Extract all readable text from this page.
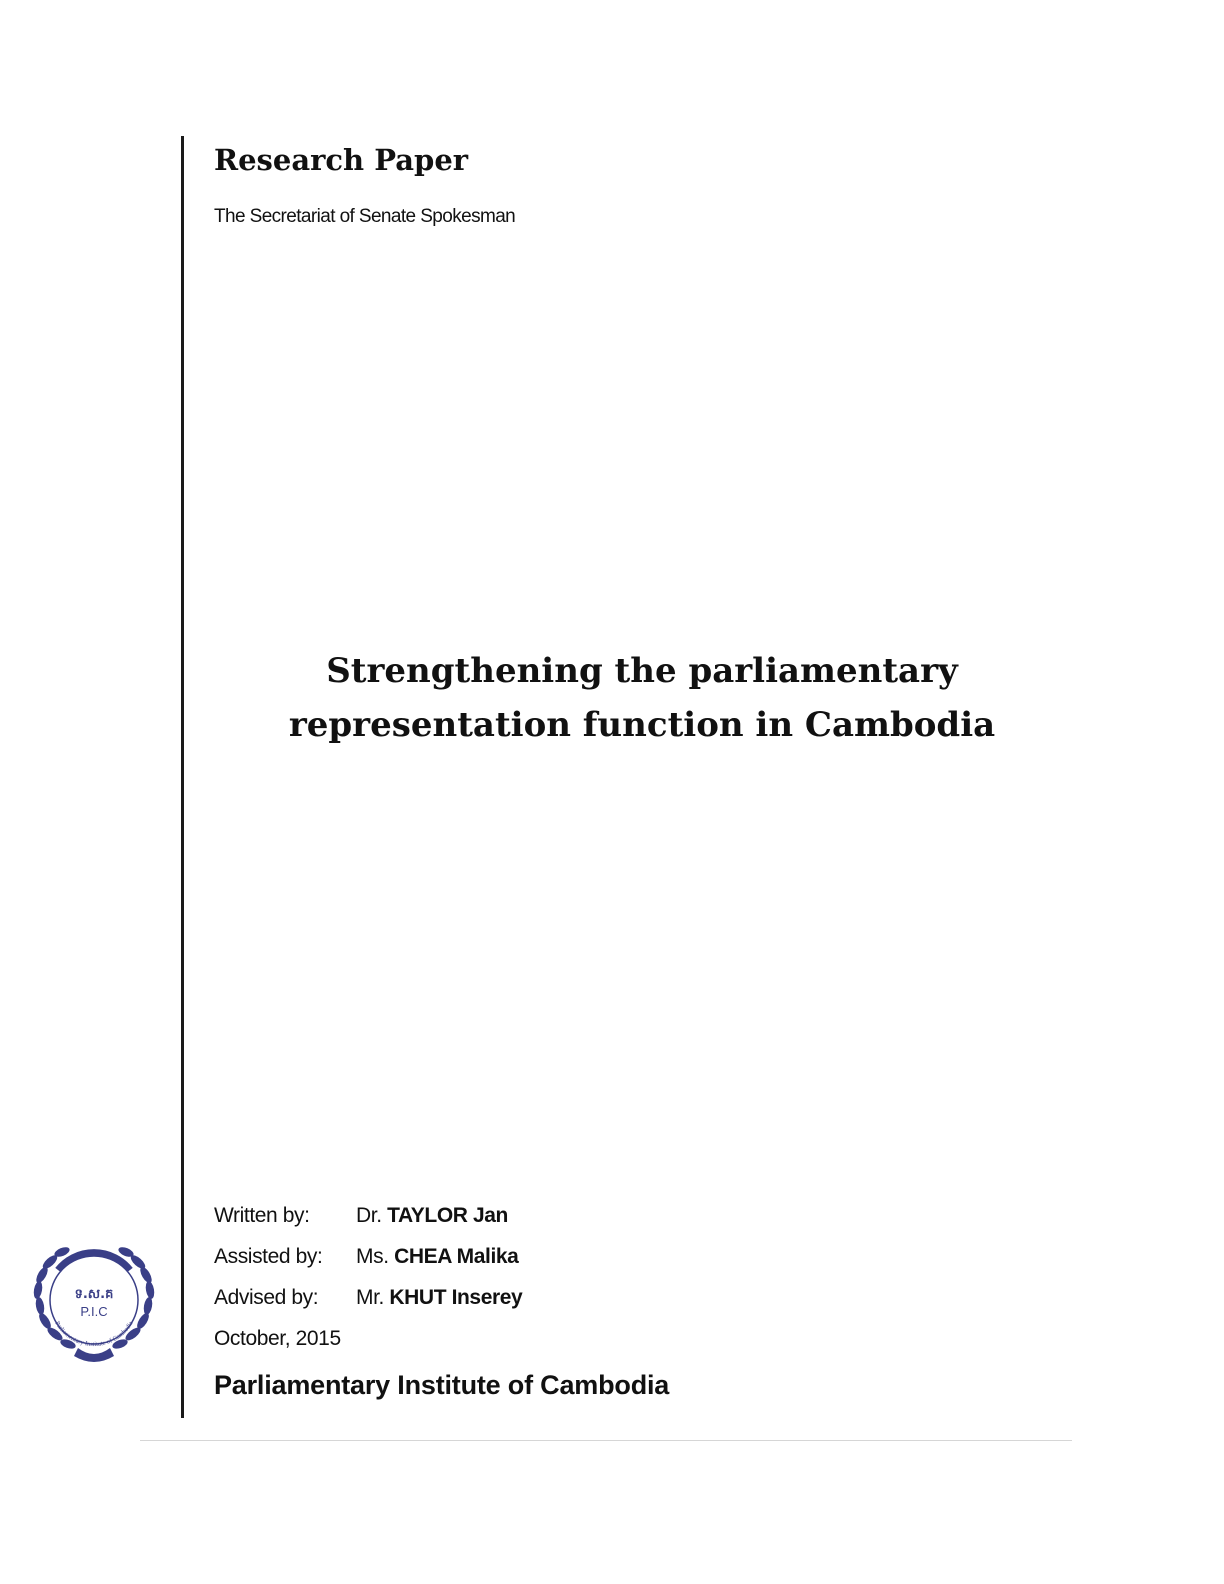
Research Paper
The Secretariat of Senate Spokesman
Strengthening the parliamentary
representation function in Cambodia
ទ.ស.គ
P.I.C
Parliamentary Institute of Cambodia
Written by: Dr. TAYLOR Jan
Assisted by: Ms. CHEA Malika
Advised by: Mr. KHUT Inserey
October, 2015
Parliamentary Institute of Cambodia
